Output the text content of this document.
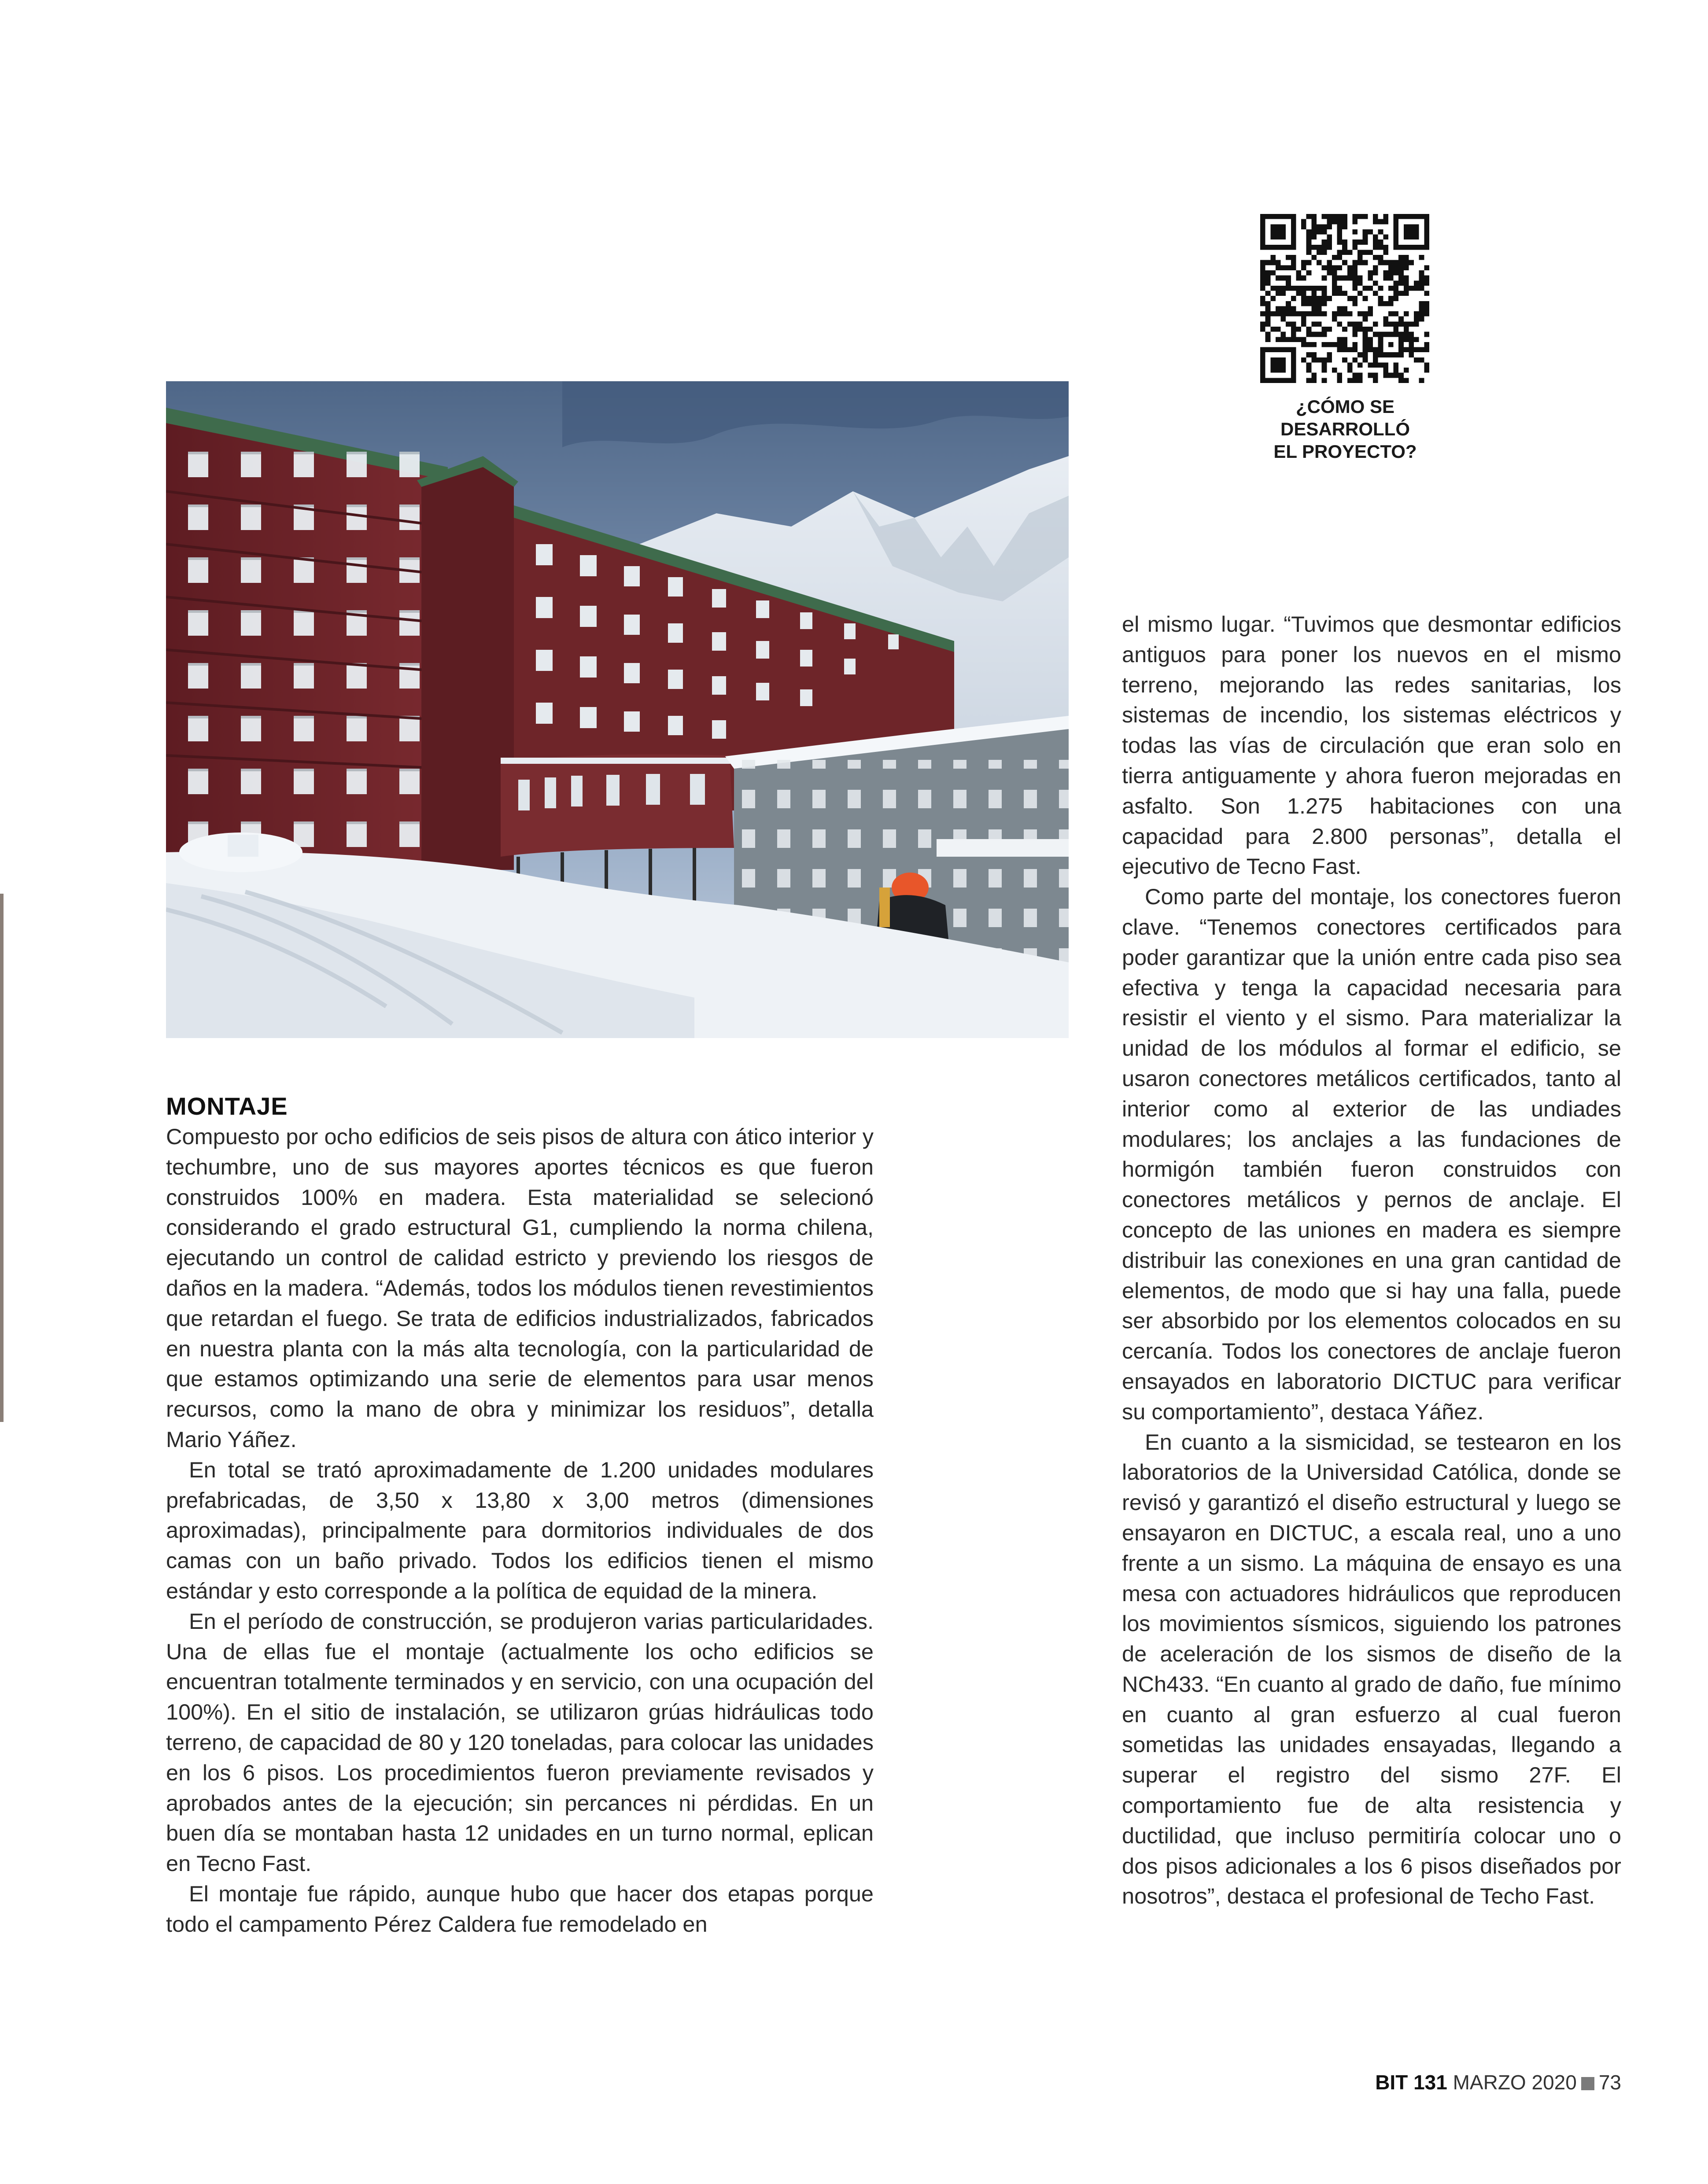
¿CÓMO SE
DESARROLLÓ
EL PROYECTO?
MONTAJE

Compuesto por ocho edificios de seis pisos de altura con ático interior y techumbre, uno de sus mayores aportes técnicos es que fueron construidos 100% en madera. Esta materialidad se selecionó considerando el grado estructural G1, cumpliendo la norma chilena, ejecutando un control de calidad estricto y previendo los riesgos de daños en la madera. “Además, todos los módulos tienen revestimientos que retardan el fuego. Se trata de edificios industrializados, fabricados en nuestra planta con la más alta tecnología, con la particularidad de que estamos optimizando una serie de elementos para usar menos recursos, como la mano de obra y minimizar los residuos”, detalla Mario Yáñez.

En total se trató aproximadamente de 1.200 unidades modulares prefabricadas, de 3,50 x 13,80 x 3,00 metros (dimensiones aproximadas), principalmente para dormitorios individuales de dos camas con un baño privado. Todos los edificios tienen el mismo estándar y esto corresponde a la política de equidad de la minera.

En el período de construcción, se produjeron varias particularidades. Una de ellas fue el montaje (actualmente los ocho edificios se encuentran totalmente terminados y en servicio, con una ocupación del 100%). En el sitio de instalación, se utilizaron grúas hidráulicas todo terreno, de capacidad de 80 y 120 toneladas, para colocar las unidades en los 6 pisos. Los procedimientos fueron previamente revisados y aprobados antes de la ejecución; sin percances ni pérdidas. En un buen día se montaban hasta 12 unidades en un turno normal, eplican en Tecno Fast.

El montaje fue rápido, aunque hubo que hacer dos etapas porque todo el campamento Pérez Caldera fue remodelado en

el mismo lugar. “Tuvimos que desmontar edificios antiguos para poner los nuevos en el mismo terreno, mejorando las redes sanitarias, los sistemas de incendio, los sistemas eléctricos y todas las vías de circulación que eran solo en tierra antiguamente y ahora fueron mejoradas en asfalto. Son 1.275 habitaciones con una capacidad para 2.800 personas”, detalla el ejecutivo de Tecno Fast.

Como parte del montaje, los conectores fueron clave. “Tenemos conectores certificados para poder garantizar que la unión entre cada piso sea efectiva y tenga la capacidad necesaria para resistir el viento y el sismo. Para materializar la unidad de los módulos al formar el edificio, se usaron conectores metálicos certificados, tanto al interior como al exterior de las undiades modulares; los anclajes a las fundaciones de hormigón también fueron construidos con conectores metálicos y pernos de anclaje. El concepto de las uniones en madera es siempre distribuir las conexiones en una gran cantidad de elementos, de modo que si hay una falla, puede ser absorbido por los elementos colocados en su cercanía. Todos los conectores de anclaje fueron ensayados en laboratorio DICTUC para verificar su comportamiento”, destaca Yáñez.

En cuanto a la sismicidad, se testearon en los laboratorios de la Universidad Católica, donde se revisó y garantizó el diseño estructural y luego se ensayaron en DICTUC, a escala real, uno a uno frente a un sismo. La máquina de ensayo es una mesa con actuadores hidráulicos que reproducen los movimientos sísmicos, siguiendo los patrones de aceleración de los sismos de diseño de la NCh433. “En cuanto al grado de daño, fue mínimo en cuanto al gran esfuerzo al cual fueron sometidas las unidades ensayadas, llegando a superar el registro del sismo 27F. El comportamiento fue de alta resistencia y ductilidad, que incluso permitiría colocar uno o dos pisos adicionales a los 6 pisos diseñados por nosotros”, destaca el profesional de Techo Fast.

BIT 131 MARZO 2020 73
